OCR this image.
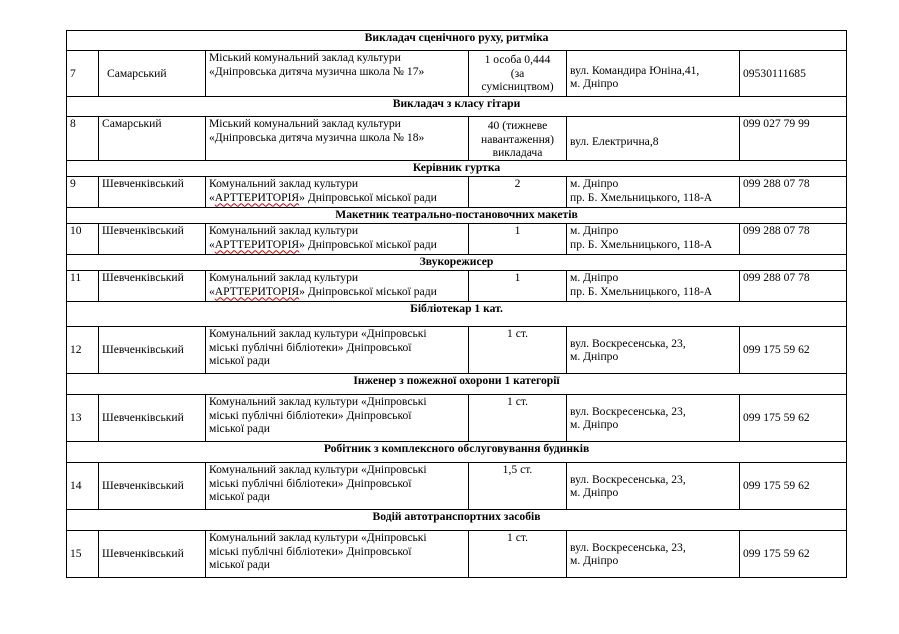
Викладач сценічного руху, ритміка					
7	Самарський	Міський комунальний заклад культури
«Дніпровська дитяча музична школа № 17»	1 особа 0,444
(за
сумісництвом)	вул. Командира Юніна,41,
м. Дніпро	09530111685
Викладач з класу гітари					
8	Самарський	Міський комунальний заклад культури
«Дніпровська дитяча музична школа № 18»	40 (тижневе
навантаження)
викладача	вул. Електрична,8	099 027 79 99
Керівник гуртка					
9	Шевченківський	Комунальний заклад культури
«АРТТЕРИТОРІЯ» Дніпровської міської ради	2	м. Дніпро
пр. Б. Хмельницького, 118-А	099 288 07 78
Макетник театрально-постановочних макетів					
10	Шевченківський	Комунальний заклад культури
«АРТТЕРИТОРІЯ» Дніпровської міської ради	1	м. Дніпро
пр. Б. Хмельницького, 118-А	099 288 07 78
Звукорежисер					
11	Шевченківський	Комунальний заклад культури
«АРТТЕРИТОРІЯ» Дніпровської міської ради	1	м. Дніпро
пр. Б. Хмельницького, 118-А	099 288 07 78
Бібліотекар 1 кат.					
12	Шевченківський	Комунальний заклад культури «Дніпровські
міські публічні бібліотеки» Дніпровської
міської ради	1 ст.	вул. Воскресенська, 23,
м. Дніпро	099 175 59 62
Інженер з пожежної охорони 1 категорії					
13	Шевченківський	Комунальний заклад культури «Дніпровські
міські публічні бібліотеки» Дніпровської
міської ради	1 ст.	вул. Воскресенська, 23,
м. Дніпро	099 175 59 62
Робітник з комплексного обслуговування будинків					
14	Шевченківський	Комунальний заклад культури «Дніпровські
міські публічні бібліотеки» Дніпровської
міської ради	1,5 ст.	вул. Воскресенська, 23,
м. Дніпро	099 175 59 62
Водій автотранспортних засобів					
15	Шевченківський	Комунальний заклад культури «Дніпровські
міські публічні бібліотеки» Дніпровської
міської ради	1 ст.	вул. Воскресенська, 23,
м. Дніпро	099 175 59 62
